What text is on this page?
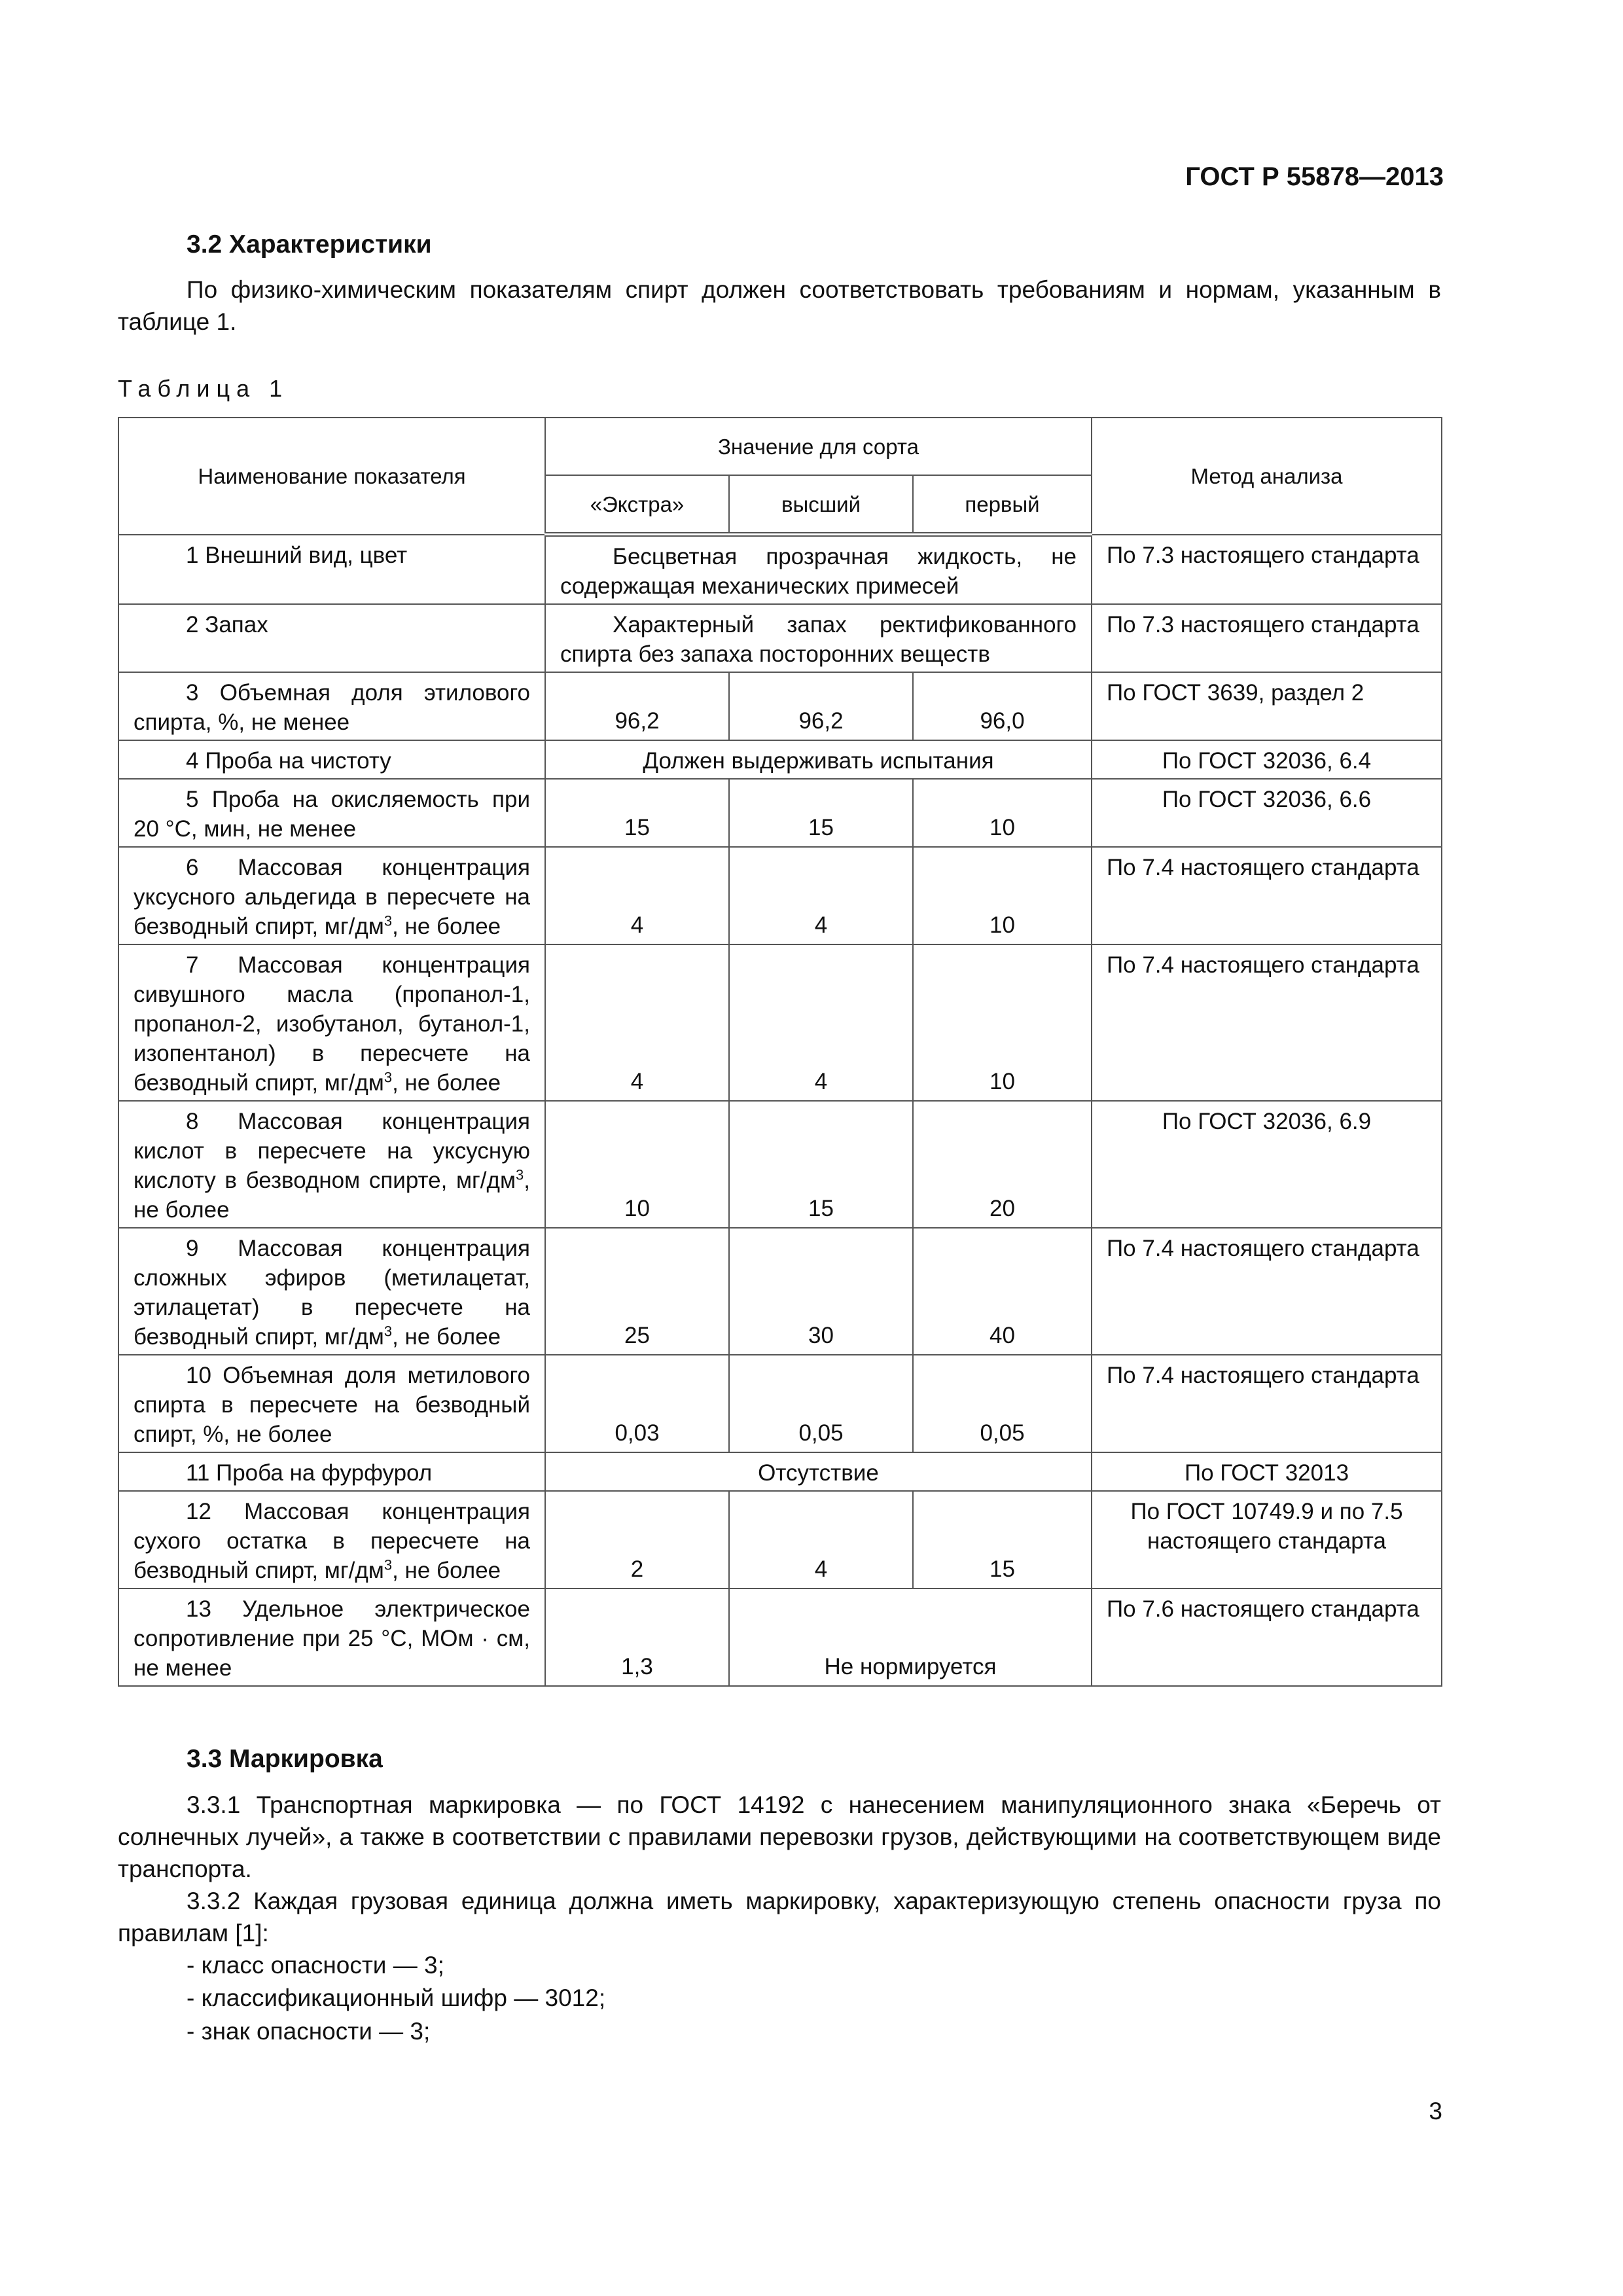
ГОСТ Р 55878—2013
3.2 Характеристики

По физико-химическим показателям спирт должен соответствовать требованиям и нормам, указанным в таблице 1.

Таблица 1
Наименование показателя	Значение для сорта			Метод анализа
	«Экстра»	высший	первый	
1 Внешний вид, цвет	Бесцветная прозрачная жидкость, не содержащая механических примесей			По 7.3 настоящего стандарта
2 Запах	Характерный запах ректификованного спирта без запаха посторонних веществ			По 7.3 настоящего стандарта
3 Объемная доля этилового спирта, %, не менее	96,2	96,2	96,0	По ГОСТ 3639, раздел 2
4 Проба на чистоту	Должен выдерживать испытания			По ГОСТ 32036, 6.4
5 Проба на окисляемость при 20 °С, мин, не менее	15	15	10	По ГОСТ 32036, 6.6
6 Массовая концентрация уксусного альдегида в пересчете на безводный спирт, $мг/дм^3$, не более	4	4	10	По 7.4 настоящего стандарта
7 Массовая концентрация сивушного масла (пропанол-1, пропанол-2, изобутанол, бутанол-1, изопентанол) в пересчете на безводный спирт, $мг/дм^3$, не более	4	4	10	По 7.4 настоящего стандарта
8 Массовая концентрация кислот в пересчете на уксусную кислоту в безводном спирте, $мг/дм^3$, не более	10	15	20	По ГОСТ 32036, 6.9
9 Массовая концентрация сложных эфиров (метилацетат, этилацетат) в пересчете на безводный спирт, $мг/дм^3$, не более	25	30	40	По 7.4 настоящего стандарта
10 Объемная доля метилового спирта в пересчете на безводный спирт, %, не более	0,03	0,05	0,05	По 7.4 настоящего стандарта
11 Проба на фурфурол	Отсутствие			По ГОСТ 32013
12 Массовая концентрация сухого остатка в пересчете на безводный спирт, $мг/дм^3$, не более	2	4	15	По ГОСТ 10749.9 и по 7.5 настоящего стандарта
13 Удельное электрическое сопротивление при 25 °С, МОм · см, не менее	1,3	Не нормируется		По 7.6 настоящего стандарта
3.3 Маркировка

3.3.1 Транспортная маркировка — по ГОСТ 14192 с нанесением манипуляционного знака «Беречь от солнечных лучей», а также в соответствии с правилами перевозки грузов, действующими на соответствующем виде транспорта.

3.3.2 Каждая грузовая единица должна иметь маркировку, характеризующую степень опасности груза по правилам [1]:

- класс опасности — 3;
- классификационный шифр — 3012;
- знак опасности — 3;
3
